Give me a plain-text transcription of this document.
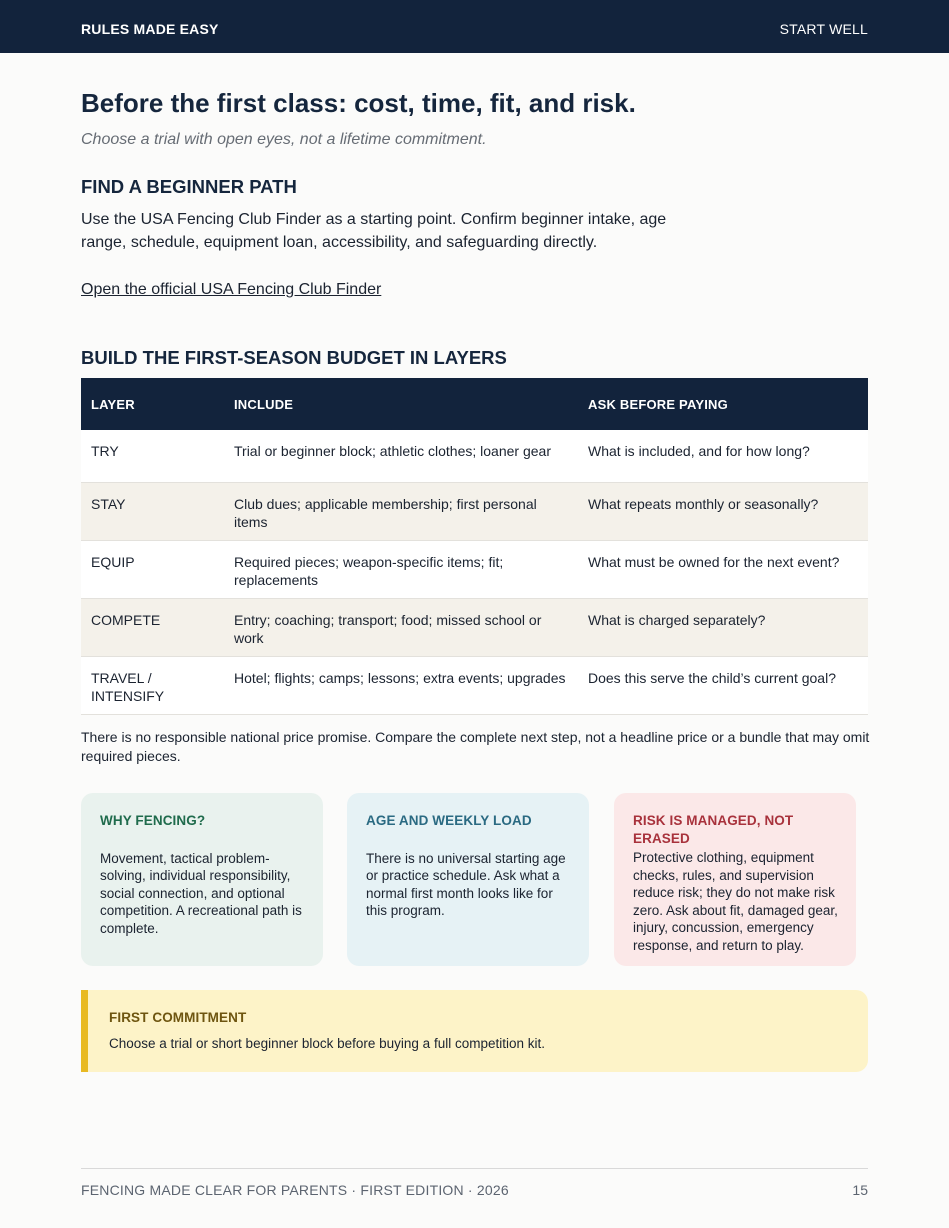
RULES MADE EASY	START WELL
Before the first class: cost, time, fit, and risk.

Choose a trial with open eyes, not a lifetime commitment.

FIND A BEGINNER PATH

Use the USA Fencing Club Finder as a starting point. Confirm beginner intake, age range, schedule, equipment loan, accessibility, and safeguarding directly.

Open the official USA Fencing Club Finder
BUILD THE FIRST-SEASON BUDGET IN LAYERS
LAYER	INCLUDE	ASK BEFORE PAYING
TRY	Trial or beginner block; athletic clothes; loaner gear	What is included, and for how long?
STAY	Club dues; applicable membership; first personal items	What repeats monthly or seasonally?
EQUIP	Required pieces; weapon-specific items; fit; replacements	What must be owned for the next event?
COMPETE	Entry; coaching; transport; food; missed school or work	What is charged separately?
TRAVEL / INTENSIFY	Hotel; flights; camps; lessons; extra events; upgrades	Does this serve the child’s current goal?

There is no responsible national price promise. Compare the complete next step, not a headline price or a bundle that may omit required pieces.

WHY FENCING?
Movement, tactical problem-solving, individual responsibility, social connection, and optional competition. A recreational path is complete.
AGE AND WEEKLY LOAD
There is no universal starting age or practice schedule. Ask what a normal first month looks like for this program.
RISK IS MANAGED, NOT ERASED
Protective clothing, equipment checks, rules, and supervision reduce risk; they do not make risk zero. Ask about fit, damaged gear, injury, concussion, emergency response, and return to play.
FIRST COMMITMENT
Choose a trial or short beginner block before buying a full competition kit.
FENCING MADE CLEAR FOR PARENTS · FIRST EDITION · 2026	15
